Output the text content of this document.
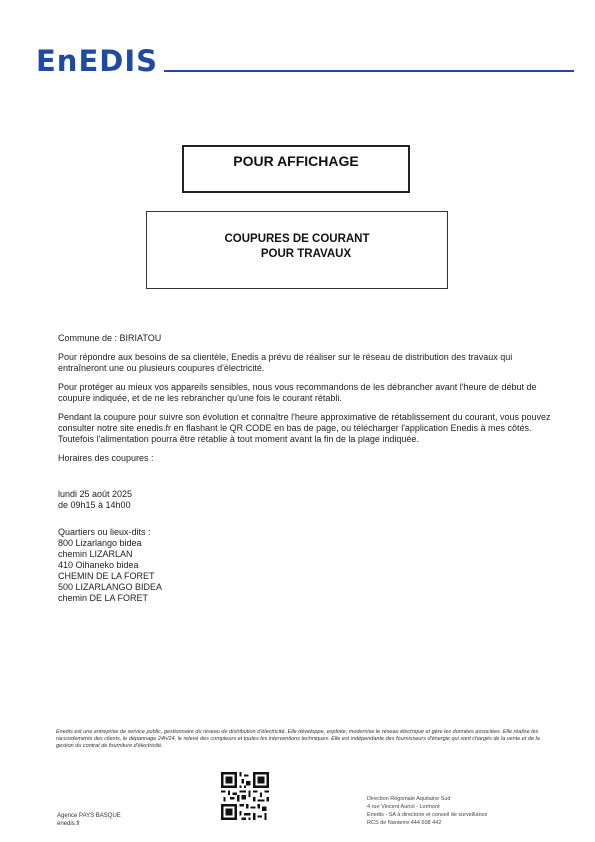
EnEDIS
POUR AFFICHAGE
COUPURES DE COURANT
POUR TRAVAUX

Commune de : BIRIATOU

Pour répondre aux besoins de sa clientèle, Enedis a prévu de réaliser sur le réseau de distribution des travaux qui entraîneront une ou plusieurs coupures d'électricité.

Pour protéger au mieux vos appareils sensibles, nous vous recommandons de les débrancher avant l'heure de début de coupure indiquée, et de ne les rebrancher qu'une fois le courant rétabli.

Pendant la coupure pour suivre son évolution et connaître l'heure approximative de rétablissement du courant, vous pouvez consulter notre site enedis.fr en flashant le QR CODE en bas de page, ou télécharger l'application Enedis à mes côtés. Toutefois l'alimentation pourra être rétablie à tout moment avant la fin de la plage indiquée.

Horaires des coupures :

lundi 25 août 2025
de 09h15 à 14h00
Quartiers ou lieux-dits :
800 Lizarlango bidea
chemin LIZARLAN
410 Oihaneko bidea
CHEMIN DE LA FORET
500 LIZARLANGO BIDEA
chemin DE LA FORET
Enedis est une entreprise de service public, gestionnaire du réseau de distribution d'électricité. Elle développe, exploite, modernise le réseau électrique et gère les données associées. Elle réalise les raccordements des clients, le dépannage 24h/24, le relevé des compteurs et toutes les interventions techniques. Elle est indépendante des fournisseurs d'énergie qui sont chargés de la vente et de la gestion du contrat de fourniture d'électricité.
Agence PAYS BASQUE
enedis.fr
Direction Régionale Aquitaine Sud
4 rue Vincent Auriol - Lormont
Enedis - SA à directoire et conseil de surveillance
RCS de Nanterre 444 608 442
